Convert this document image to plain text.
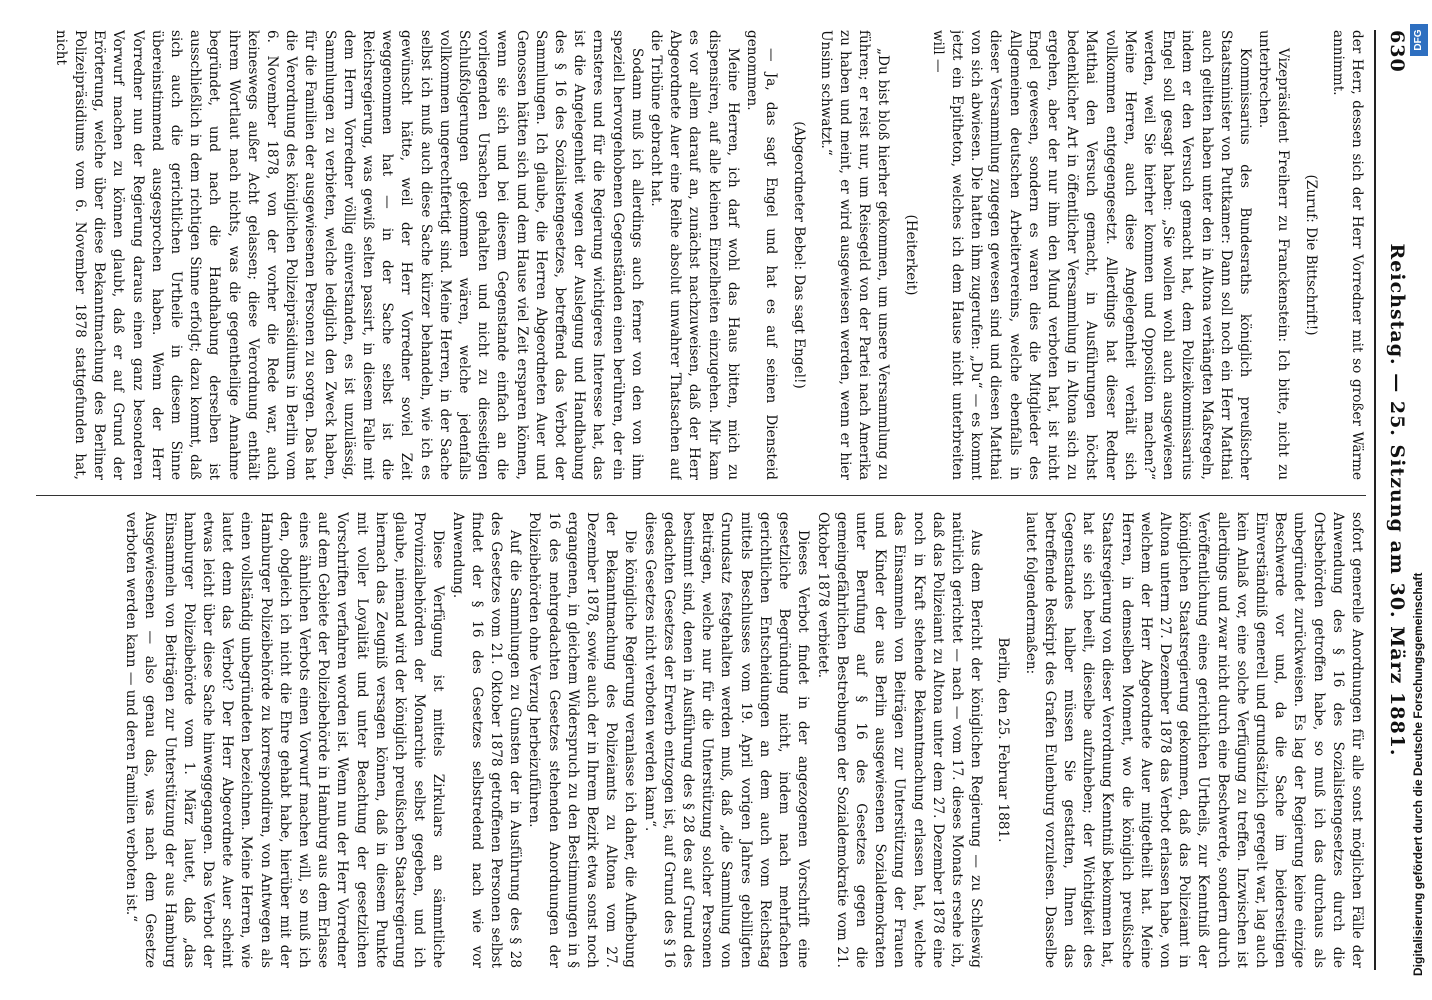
630
Reichstag. — 25. Sitzung am 30. März 1881.

der Herr, dessen sich der Herr Vorredner mit so großer Wärme annimmt.

(Zuruf: Die Bittschrift!)

Vizepräsident Freiherr zu Franckenstein: Ich bitte, nicht zu unterbrechen.

Kommissarius des Bundesraths königlich preußischer Staatsminister von Puttkamer: Dann soll noch ein Herr Matthai auch gelitten haben unter den in Altona verhängten Maßregeln, indem er den Versuch gemacht hat, dem Polizeikommissarius Engel soll gesagt haben: „Sie wollen wohl auch ausgewiesen werden, weil Sie hierher kommen und Opposition machen?“ Meine Herren, auch diese Angelegenheit verhält sich vollkommen entgegengesetzt. Allerdings hat dieser Redner Matthai den Versuch gemacht, in Ausführungen höchst bedenklicher Art in öffentlicher Versammlung in Altona sich zu ergehen, aber der nur ihm den Mund verboten hat, ist nicht Engel gewesen, sondern es waren dies die Mitglieder des Allgemeinen deutschen Arbeitervereins, welche ebenfalls in dieser Versammlung zugegen gewesen sind und diesen Matthai von sich abwiesen. Die hatten ihm zugerufen: „Du“ — es kommt jetzt ein Epitheton, welches ich dem Hause nicht unterbreiten will —

(Heiterkeit)

„Du bist bloß hierher gekommen, um unsere Versammlung zu führen; er reist nur, um Reisegeld von der Partei nach Amerika zu haben und meint, er wird ausgewiesen werden, wenn er hier Unsinn schwatzt.“

(Abgeordneter Bebel: Das sagt Engel!)

— Ja, das sagt Engel und hat es auf seinen Diensteid genommen.

Meine Herren, ich darf wohl das Haus bitten, mich zu dispensiren, auf alle kleinen Einzelheiten einzugehen. Mir kam es vor allem darauf an, zunächst nachzuweisen, daß der Herr Abgeordnete Auer eine Reihe absolut unwahrer Thatsachen auf die Tribüne gebracht hat.

Sodann muß ich allerdings auch ferner von den von ihm speziell hervorgehobenen Gegenständen einen berühren, der ein ernsteres und für die Regierung wichtigeres Interesse hat, das ist die Angelegenheit wegen der Auslegung und Handhabung des § 16 des Sozialistengesetzes, betreffend das Verbot der Sammlungen. Ich glaube, die Herren Abgeordneten Auer und Genossen hätten sich und dem Hause viel Zeit ersparen können, wenn sie sich und bei diesem Gegenstande einfach an die vorliegenden Ursachen gehalten und nicht zu diesseitigen Schlußfolgerungen gekommen wären, welche jedenfalls vollkommen ungerechtfertigt sind. Meine Herren, in der Sache selbst ich muß auch diese Sache kürzer behandeln, wie ich es gewünscht hätte, weil der Herr Vorredner soviel Zeit weggenommen hat — in der Sache selbst ist die Reichsregierung, was gewiß selten passirt, in diesem Falle mit dem Herrn Vorredner völlig einverstanden, es ist unzulässig, Sammlungen zu verbieten, welche lediglich den Zweck haben, für die Familien der ausgewiesenen Personen zu sorgen. Das hat die Verordnung des königlichen Polizeipräsidiums in Berlin vom 6. November 1878, von der vorher die Rede war, auch keineswegs außer Acht gelassen; diese Verordnung enthält ihrem Wortlaut nach nichts, was die gegentheilige Annahme begründet, und nach die Handhabung derselben ist ausschließlich in dem richtigen Sinne erfolgt; dazu kommt, daß sich auch die gerichtlichen Urtheile in diesem Sinne übereinstimmend ausgesprochen haben. Wenn der Herr Vorredner nun der Regierung daraus einen ganz besonderen Vorwurf machen zu können glaubt, daß er auf Grund der Erörterung, welche über diese Bekanntmachung des Berliner Polizeipräsidiums vom 6. November 1878 stattgefunden hat, nicht

sofort generelle Anordnungen für alle sonst möglichen Fälle der Anwendung des § 16 des Sozialistengesetzes durch die Ortsbehörden getroffen habe, so muß ich das durchaus als unbegründet zurückweisen. Es lag der Regierung keine einzige Beschwerde vor und, da die Sache im beiderseitigen Einverständniß generell und grundsätzlich geregelt war, lag auch kein Anlaß vor, eine solche Verfügung zu treffen. Inzwischen ist allerdings und zwar nicht durch eine Beschwerde, sondern durch Veröffentlichung eines gerichtlichen Urtheils, zur Kenntniß der königlichen Staatsregierung gekommen, daß das Polizeiamt in Altona unterm 27. Dezember 1878 das Verbot erlassen habe, von welchem der Herr Abgeordnete Auer mitgetheilt hat. Meine Herren, in demselben Moment, wo die königlich preußische Staatsregierung von dieser Verordnung Kenntniß bekommen hat, hat sie sich beeilt, dieselbe aufzuheben; der Wichtigkeit des Gegenstandes halber müssen Sie gestatten, Ihnen das betreffende Reskript des Grafen Eulenburg vorzulesen. Dasselbe lautet folgendermaßen:

Berlin, den 25. Februar 1881.

Aus dem Bericht der königlichen Regierung — zu Schleswig natürlich gerichtet — nach — vom 17. dieses Monats ersehe ich, daß das Polizeiamt zu Altona unter dem 27. Dezember 1878 eine noch in Kraft stehende Bekanntmachung erlassen hat, welche das Einsammeln von Beiträgen zur Unterstützung der Frauen und Kinder der aus Berlin ausgewiesenen Sozialdemokraten unter Berufung auf § 16 des Gesetzes gegen die gemeingefährlichen Bestrebungen der Sozialdemokratie vom 21. Oktober 1878 verbietet.

Dieses Verbot findet in der angezogenen Vorschrift eine gesetzliche Begründung nicht, indem nach mehrfachen gerichtlichen Entscheidungen an dem auch vom Reichstag mittels Beschlusses vom 19. April vorigen Jahres gebilligten Grundsatz festgehalten werden muß, daß „die Sammlung von Beiträgen, welche nur für die Unterstützung solcher Personen bestimmt sind, denen in Ausführung des § 28 des auf Grund des gedachten Gesetzes der Erwerb entzogen ist, auf Grund des § 16 dieses Gesetzes nicht verboten werden kann“.

Die königliche Regierung veranlasse ich daher, die Aufhebung der Bekanntmachung des Polizeiamts zu Altona vom 27. Dezember 1878, sowie auch der in Ihrem Bezirk etwa sonst noch ergangenen, in gleichem Widerspruch zu den Bestimmungen in § 16 des mehrgedachten Gesetzes stehenden Anordnungen der Polizeibehörden ohne Verzug herbeizuführen.

Auf die Sammlungen zu Gunsten der in Ausführung des § 28 des Gesetzes vom 21. Oktober 1878 getroffenen Personen selbst findet der § 16 des Gesetzes selbstredend nach wie vor Anwendung.

Diese Verfügung ist mittels Zirkulars an sämmtliche Provinzialbehörden der Monarchie selbst gegeben, und ich glaube, niemand wird der königlich preußischen Staatsregierung hiernach das Zeugniß versagen können, daß in diesem Punkte mit voller Loyalität und unter Beachtung der gesetzlichen Vorschriften verfahren worden ist. Wenn nun der Herr Vorredner auf dem Gebiete der Polizeibehörde in Hamburg aus dem Erlasse eines ähnlichen Verbots einen Vorwurf machen will, so muß ich den, obgleich ich nicht die Ehre gehabt habe, hierüber mit der Hamburger Polizeibehörde zu korrespondiren, von Antwegen als einen vollständig unbegründeten bezeichnen. Meine Herren, wie lautet denn das Verbot? Der Herr Abgeordnete Auer scheint etwas leicht über diese Sache hinweggegangen. Das Verbot der hamburger Polizeibehörde vom 1. März lautet, daß „das Einsammeln von Beiträgen zur Unterstützung der aus Hamburg Ausgewiesenen — also genau das, was nach dem Gesetze verboten werden kann — und deren Familien verboten ist.“

DFG
Digitalisierung gefördert durch die Deutsche Forschungsgemeinschaft
